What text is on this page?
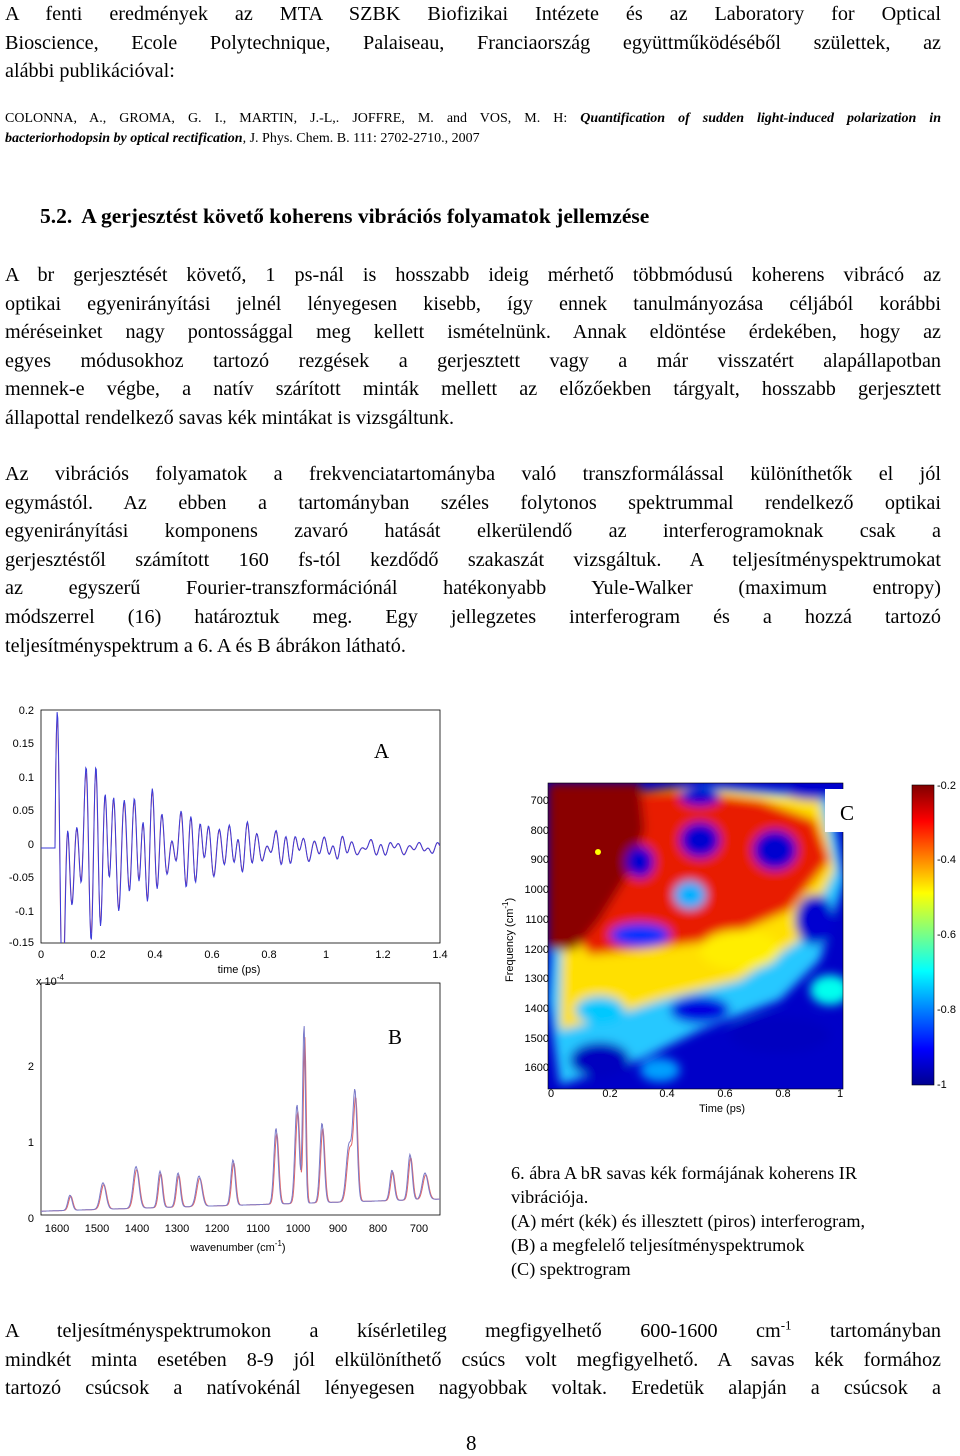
A fenti eredmények az MTA SZBK Biofizikai Intézete és az Laboratory for Optical
Bioscience, Ecole Polytechnique, Palaiseau, Franciaország együttműködéséből születtek, az
alábbi publikációval:
COLONNA, A., GROMA, G. I., MARTIN, J.-L,. JOFFRE, M. and VOS, M. H: Quantification of sudden light-induced polarization in
bacteriorhodopsin by optical rectification, J. Phys. Chem. B. 111: 2702-2710., 2007
5.2. A gerjesztést követő koherens vibrációs folyamatok jellemzése
A br gerjesztését követő, 1 ps-nál is hosszabb ideig mérhető többmódusú koherens vibrácó az
optikai egyenirányítási jelnél lényegesen kisebb, így ennek tanulmányozása céljából korábbi
méréseinket nagy pontossággal meg kellett ismételnünk. Annak eldöntése érdekében, hogy az
egyes módusokhoz tartozó rezgések a gerjesztett vagy a már visszatért alapállapotban
mennek-e végbe, a natív szárított minták mellett az előzőekben tárgyalt, hosszabb gerjesztett
állapottal rendelkező savas kék mintákat is vizsgáltunk.
Az vibrációs folyamatok a frekvenciatartományba való transzformálással különíthetők el jól
egymástól. Az ebben a tartományban széles folytonos spektrummal rendelkező optikai
egyenirányítási komponens zavaró hatását elkerülendő az interferogramoknak csak a
gerjesztéstől számított 160 fs-tól kezdődő szakaszát vizsgáltuk. A teljesítményspektrumokat
az egyszerű Fourier-transzformációnál hatékonyabb Yule-Walker (maximum entropy)
módszerrel (16) határoztuk meg. Egy jellegzetes interferogram és a hozzá tartozó
teljesítményspektrum a 6. A és B ábrákon látható.
0.2
0.15
0.1
0.05
0
-0.05
-0.1
-0.15
0	0.2	0.4	0.6	0.8	1	1.2	1.4
time (ps)
A
x $10^{-4}$
2
1
0
1600 1500 1400 1300 1200 1100 1000 900 800 700
wavenumber $(cm^{-1})$
B
C
700
800
900
1000
1100
1200
1300
1400
1500
1600
Frequency $(cm^{-1})$
0	0.2	0.4	0.6	0.8	1
Time (ps)
-0.2
-0.4
-0.6
-0.8
-1
6. ábra A bR savas kék formájának koherens IR
vibrációja.
(A) mért (kék) és illesztett (piros) interferogram,
(B) a megfelelő teljesítményspektrumok
(C) spektrogram
A teljesítményspektrumokon a kísérletileg megfigyelhető 600-1600 $cm^{-1}$ tartományban
mindkét minta esetében 8-9 jól elkülöníthető csúcs volt megfigyelhető. A savas kék formához
tartozó csúcsok a natívokénál lényegesen nagyobbak voltak. Eredetük alapján a csúcsok a
8
